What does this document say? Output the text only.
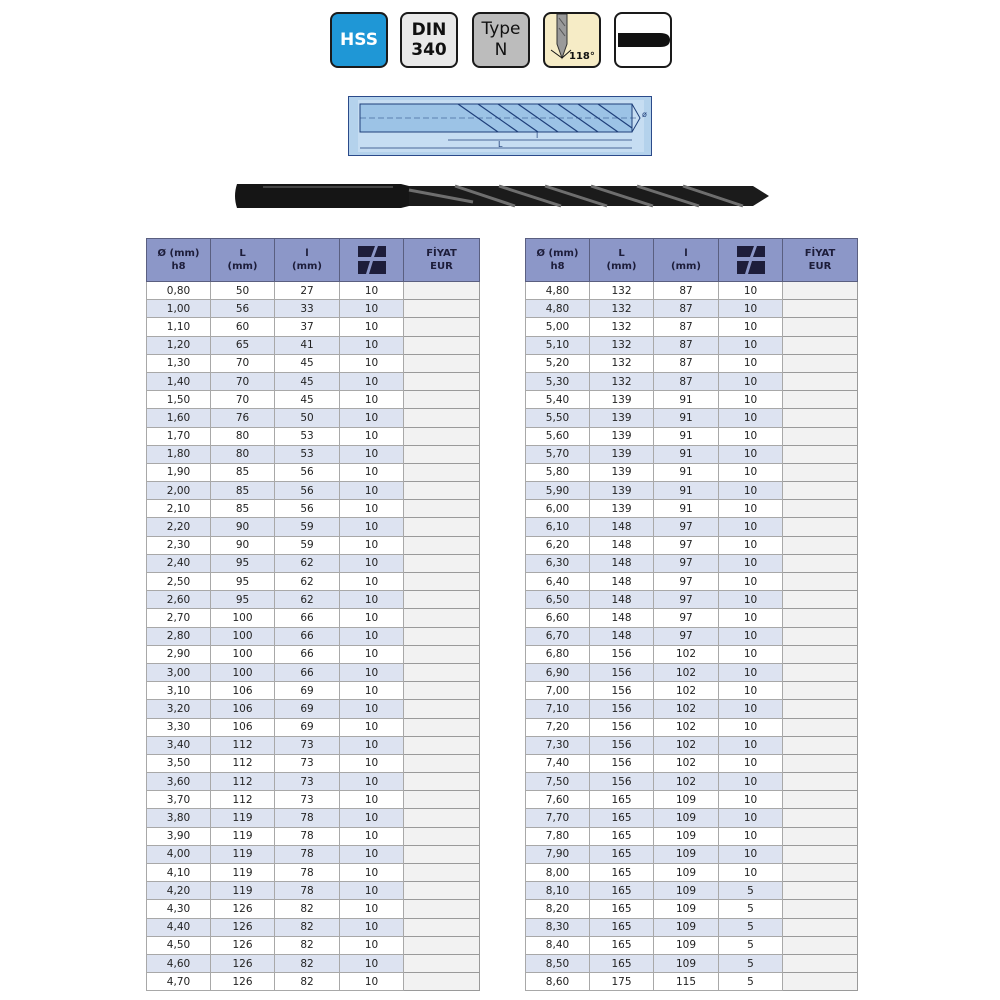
HSS DIN
340
Type
N	118°
l
L
ø
Ø (mm)
h8	L
(mm)	l
(mm)		FİYAT
EUR
0,80	50	27	10	
1,00	56	33	10	
1,10	60	37	10	
1,20	65	41	10	
1,30	70	45	10	
1,40	70	45	10	
1,50	70	45	10	
1,60	76	50	10	
1,70	80	53	10	
1,80	80	53	10	
1,90	85	56	10	
2,00	85	56	10	
2,10	85	56	10	
2,20	90	59	10	
2,30	90	59	10	
2,40	95	62	10	
2,50	95	62	10	
2,60	95	62	10	
2,70	100	66	10	
2,80	100	66	10	
2,90	100	66	10	
3,00	100	66	10	
3,10	106	69	10	
3,20	106	69	10	
3,30	106	69	10	
3,40	112	73	10	
3,50	112	73	10	
3,60	112	73	10	
3,70	112	73	10	
3,80	119	78	10	
3,90	119	78	10	
4,00	119	78	10	
4,10	119	78	10	
4,20	119	78	10	
4,30	126	82	10	
4,40	126	82	10	
4,50	126	82	10	
4,60	126	82	10	
4,70	126	82	10	
Ø (mm)
h8	L
(mm)	l
(mm)		FİYAT
EUR
4,80	132	87	10	
4,80	132	87	10	
5,00	132	87	10	
5,10	132	87	10	
5,20	132	87	10	
5,30	132	87	10	
5,40	139	91	10	
5,50	139	91	10	
5,60	139	91	10	
5,70	139	91	10	
5,80	139	91	10	
5,90	139	91	10	
6,00	139	91	10	
6,10	148	97	10	
6,20	148	97	10	
6,30	148	97	10	
6,40	148	97	10	
6,50	148	97	10	
6,60	148	97	10	
6,70	148	97	10	
6,80	156	102	10	
6,90	156	102	10	
7,00	156	102	10	
7,10	156	102	10	
7,20	156	102	10	
7,30	156	102	10	
7,40	156	102	10	
7,50	156	102	10	
7,60	165	109	10	
7,70	165	109	10	
7,80	165	109	10	
7,90	165	109	10	
8,00	165	109	10	
8,10	165	109	5	
8,20	165	109	5	
8,30	165	109	5	
8,40	165	109	5	
8,50	165	109	5	
8,60	175	115	5	
